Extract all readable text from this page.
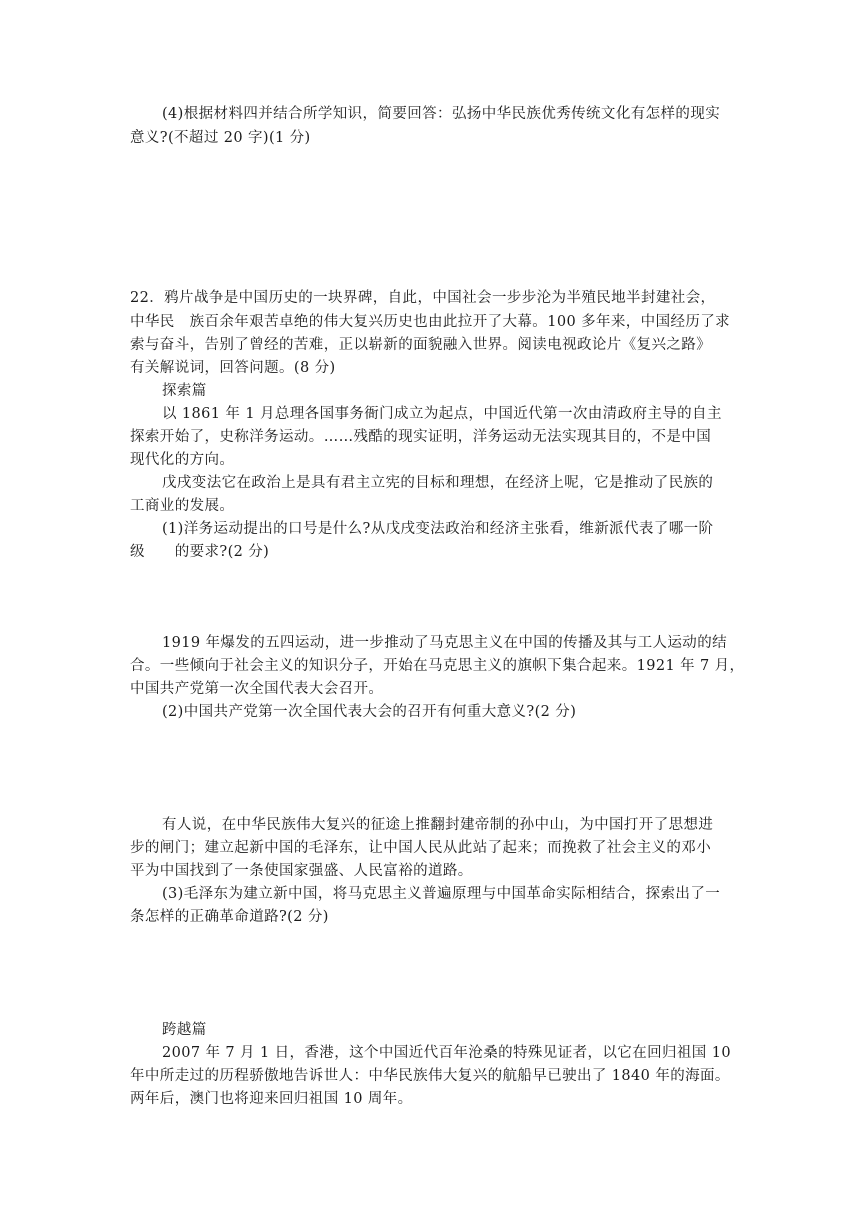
(4)根据材料四并结合所学知识，简要回答：弘扬中华民族优秀传统文化有怎样的现实
意义?(不超过 20 字)(1 分)
22．鸦片战争是中国历史的一块界碑，自此，中国社会一步步沦为半殖民地半封建社会，
中华民　族百余年艰苦卓绝的伟大复兴历史也由此拉开了大幕。100 多年来，中国经历了求
索与奋斗，告别了曾经的苦难，正以崭新的面貌融入世界。阅读电视政论片《复兴之路》
有关解说词，回答问题。(8 分)
探索篇
以 1861 年 1 月总理各国事务衙门成立为起点，中国近代第一次由清政府主导的自主
探索开始了，史称洋务运动。……残酷的现实证明，洋务运动无法实现其目的，不是中国
现代化的方向。
戊戌变法它在政治上是具有君主立宪的目标和理想，在经济上呢，它是推动了民族的
工商业的发展。
(1)洋务运动提出的口号是什么?从戊戌变法政治和经济主张看，维新派代表了哪一阶
级　　的要求?(2 分)
1919 年爆发的五四运动，进一步推动了马克思主义在中国的传播及其与工人运动的结
合。一些倾向于社会主义的知识分子，开始在马克思主义的旗帜下集合起来。1921 年 7 月，
中国共产党第一次全国代表大会召开。
(2)中国共产党第一次全国代表大会的召开有何重大意义?(2 分)
有人说，在中华民族伟大复兴的征途上推翻封建帝制的孙中山，为中国打开了思想进
步的闸门；建立起新中国的毛泽东，让中国人民从此站了起来；而挽救了社会主义的邓小
平为中国找到了一条使国家强盛、人民富裕的道路。
(3)毛泽东为建立新中国，将马克思主义普遍原理与中国革命实际相结合，探索出了一
条怎样的正确革命道路?(2 分)
跨越篇
2007 年 7 月 1 日，香港，这个中国近代百年沧桑的特殊见证者，以它在回归祖国 10
年中所走过的历程骄傲地告诉世人：中华民族伟大复兴的航船早已驶出了 1840 年的海面。
两年后，澳门也将迎来回归祖国 10 周年。
